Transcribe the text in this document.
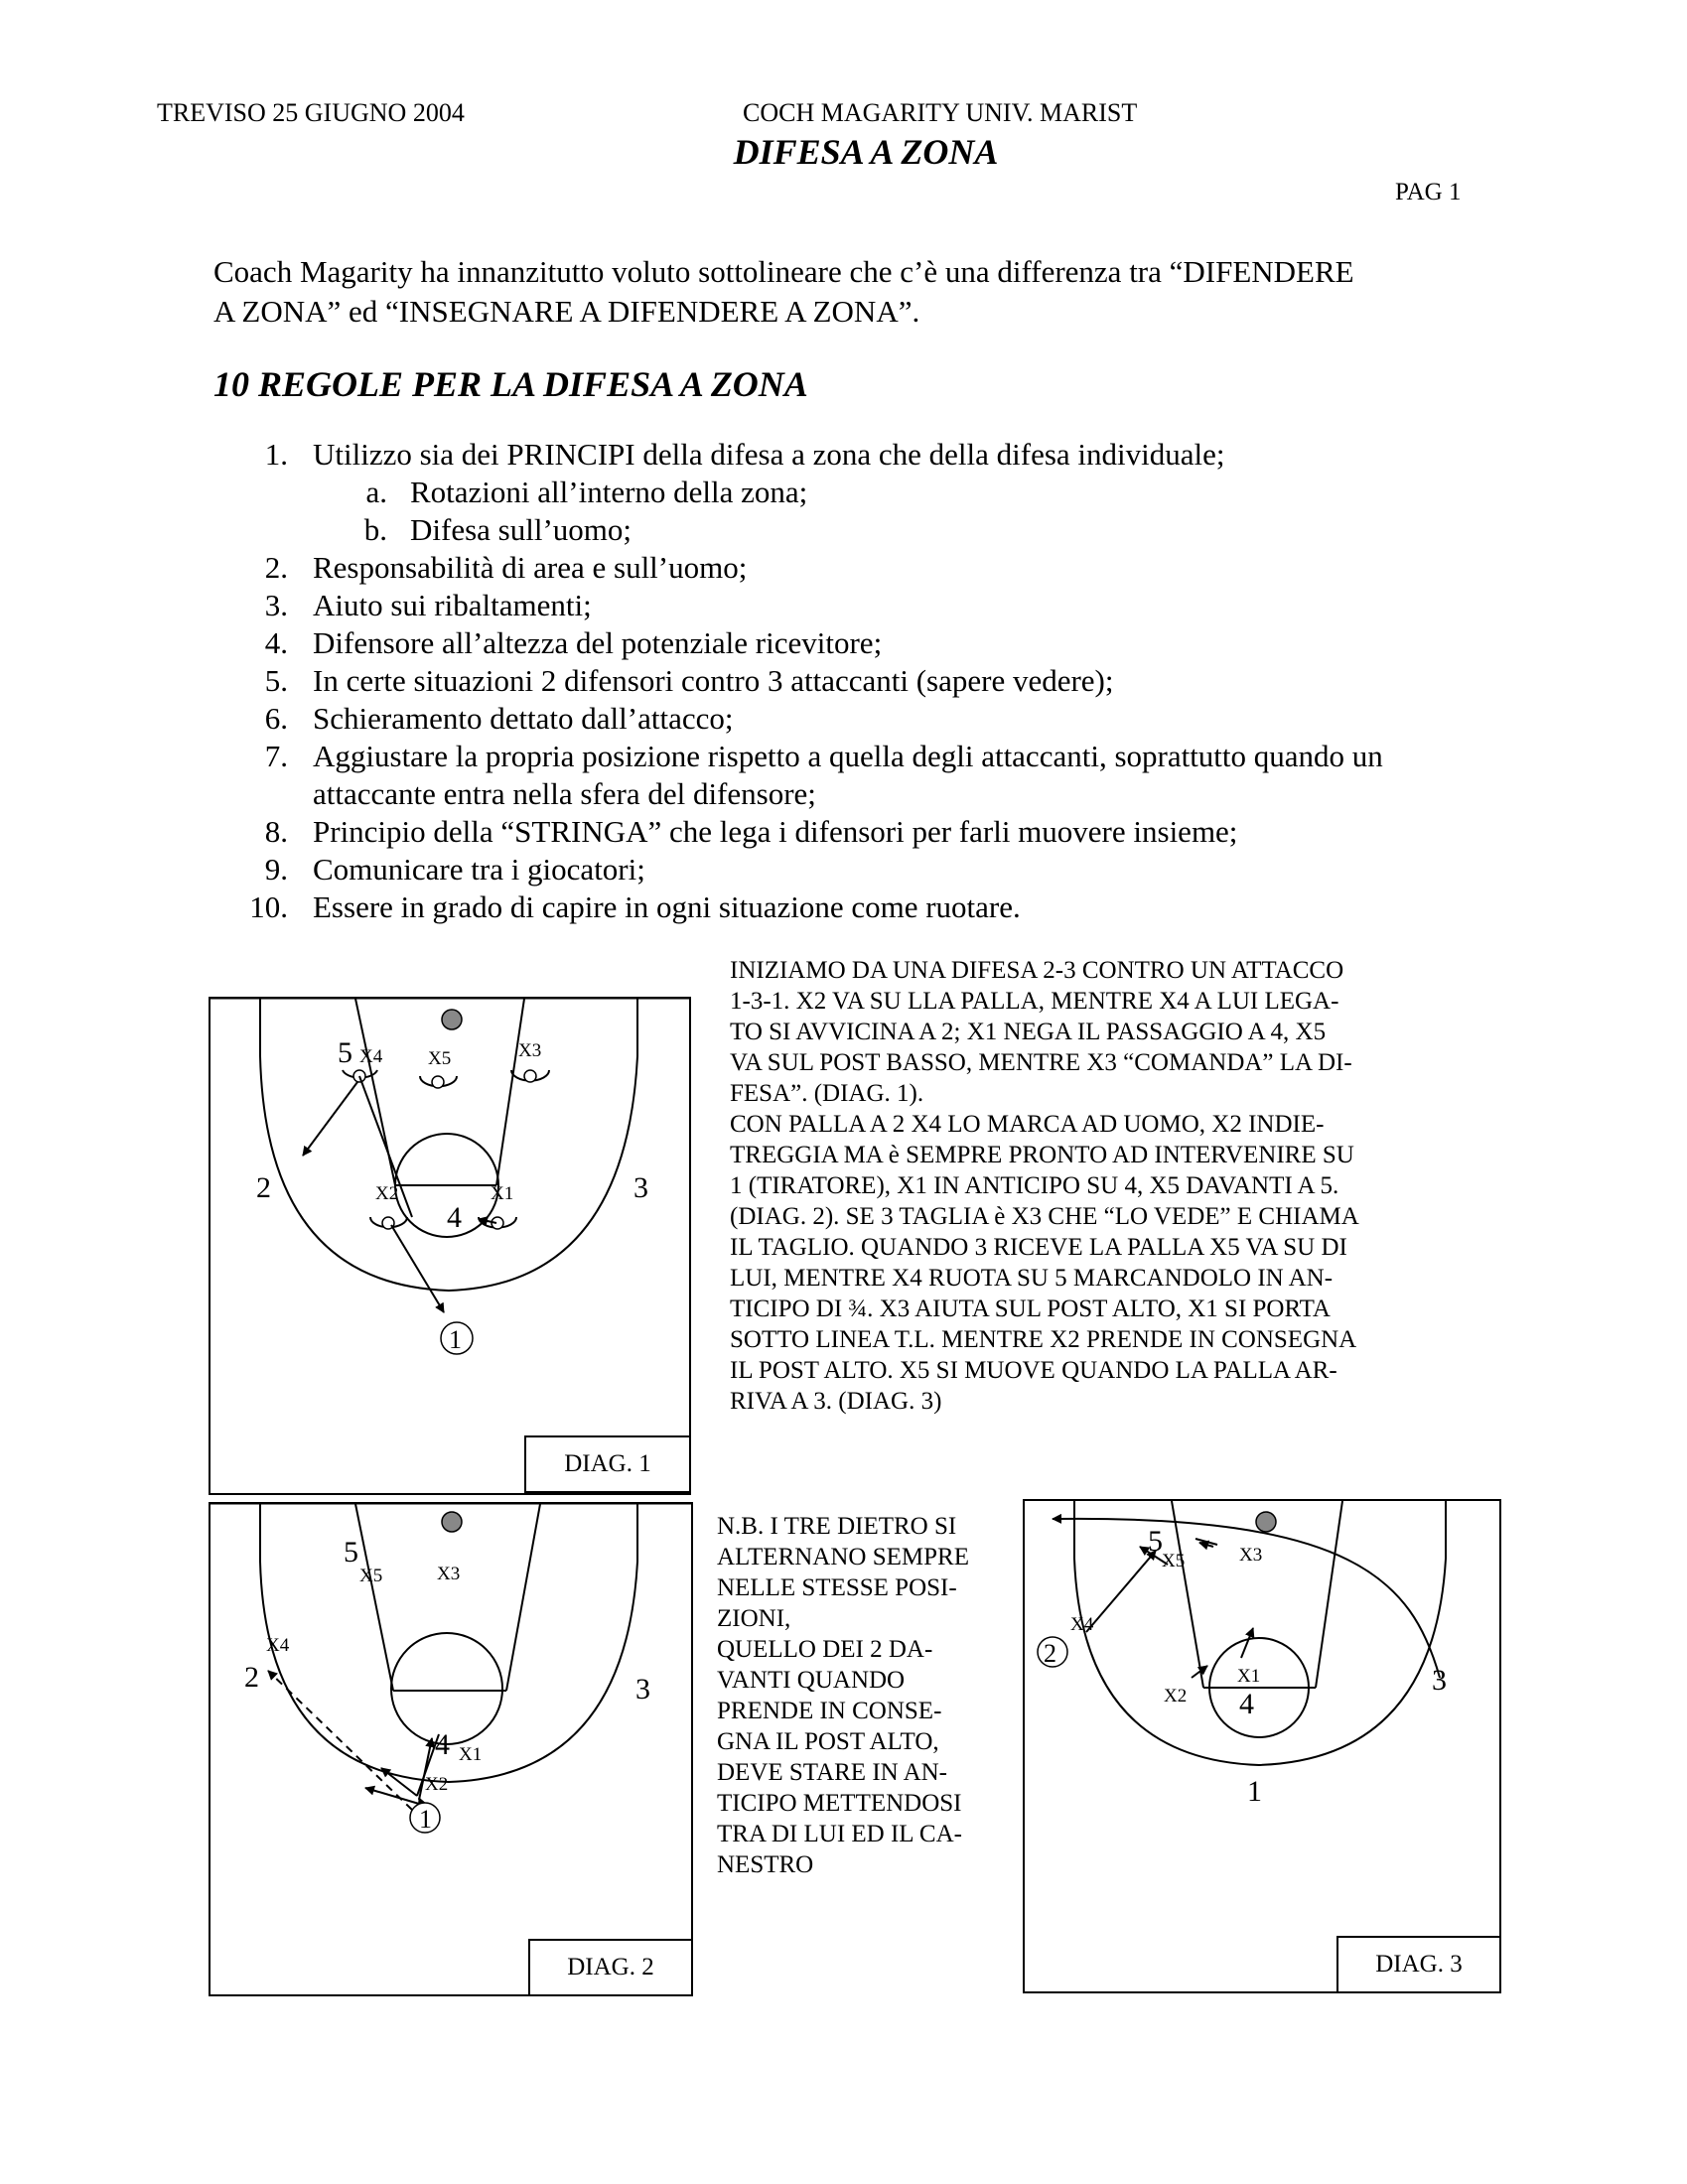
TREVISO 25 GIUGNO 2004	COCH MAGARITY UNIV. MARIST
DIFESA A ZONA
PAG 1
Coach Magarity ha innanzitutto voluto sottolineare che c’è una differenza tra “DIFENDERE
A ZONA” ed “INSEGNARE A DIFENDERE A ZONA”.
10 REGOLE PER LA DIFESA A ZONA
1. Utilizzo sia dei PRINCIPI della difesa a zona che della difesa individuale;
a. Rotazioni all’interno della zona;
b. Difesa sull’uomo;
2. Responsabilità di area e sull’uomo;
3. Aiuto sui ribaltamenti;
4. Difensore all’altezza del potenziale ricevitore;
5. In certe situazioni 2 difensori contro 3 attaccanti (sapere vedere);
6. Schieramento dettato dall’attacco;
7. Aggiustare la propria posizione rispetto a quella degli attaccanti, soprattutto quando un
attaccante entra nella sfera del difensore;
8. Principio della “STRINGA” che lega i difensori per farli muovere insieme;
9. Comunicare tra i giocatori;
10. Essere in grado di capire in ogni situazione come ruotare.
INIZIAMO DA UNA DIFESA 2-3 CONTRO UN ATTACCO
1-3-1. X2 VA SU LLA PALLA, MENTRE X4 A LUI LEGA-
TO SI AVVICINA A 2; X1 NEGA IL PASSAGGIO A 4, X5
VA SUL POST BASSO, MENTRE X3 “COMANDA” LA DI-
FESA”. (DIAG. 1).
CON PALLA A 2 X4 LO MARCA AD UOMO, X2 INDIE-
TREGGIA MA è SEMPRE PRONTO AD INTERVENIRE SU
1 (TIRATORE), X1 IN ANTICIPO SU 4, X5 DAVANTI A 5.
(DIAG. 2). SE 3 TAGLIA è X3 CHE “LO VEDE” E CHIAMA
IL TAGLIO. QUANDO 3 RICEVE LA PALLA X5 VA SU DI
LUI, MENTRE X4 RUOTA SU 5 MARCANDOLO IN AN-
TICIPO DI ¾. X3 AIUTA SUL POST ALTO, X1 SI PORTA
SOTTO LINEA T.L. MENTRE X2 PRENDE IN CONSEGNA
IL POST ALTO. X5 SI MUOVE QUANDO LA PALLA AR-
RIVA A 3. (DIAG. 3)
N.B. I TRE DIETRO SI
ALTERNANO SEMPRE
NELLE STESSE POSI-
ZIONI,
QUELLO DEI 2 DA-
VANTI QUANDO
PRENDE IN CONSE-
GNA IL POST ALTO,
DEVE STARE IN AN-
TICIPO METTENDOSI
TRA DI LUI ED IL CA-
NESTRO
5 X4 X5	X3
2	3
X2	X1
4
1
DIAG. 1
5
X5	X3
X4
2	3
4 X1
X2
1
DIAG. 2
5
X5	X3
X4
2
X1
X2 4
3
1
DIAG. 3
